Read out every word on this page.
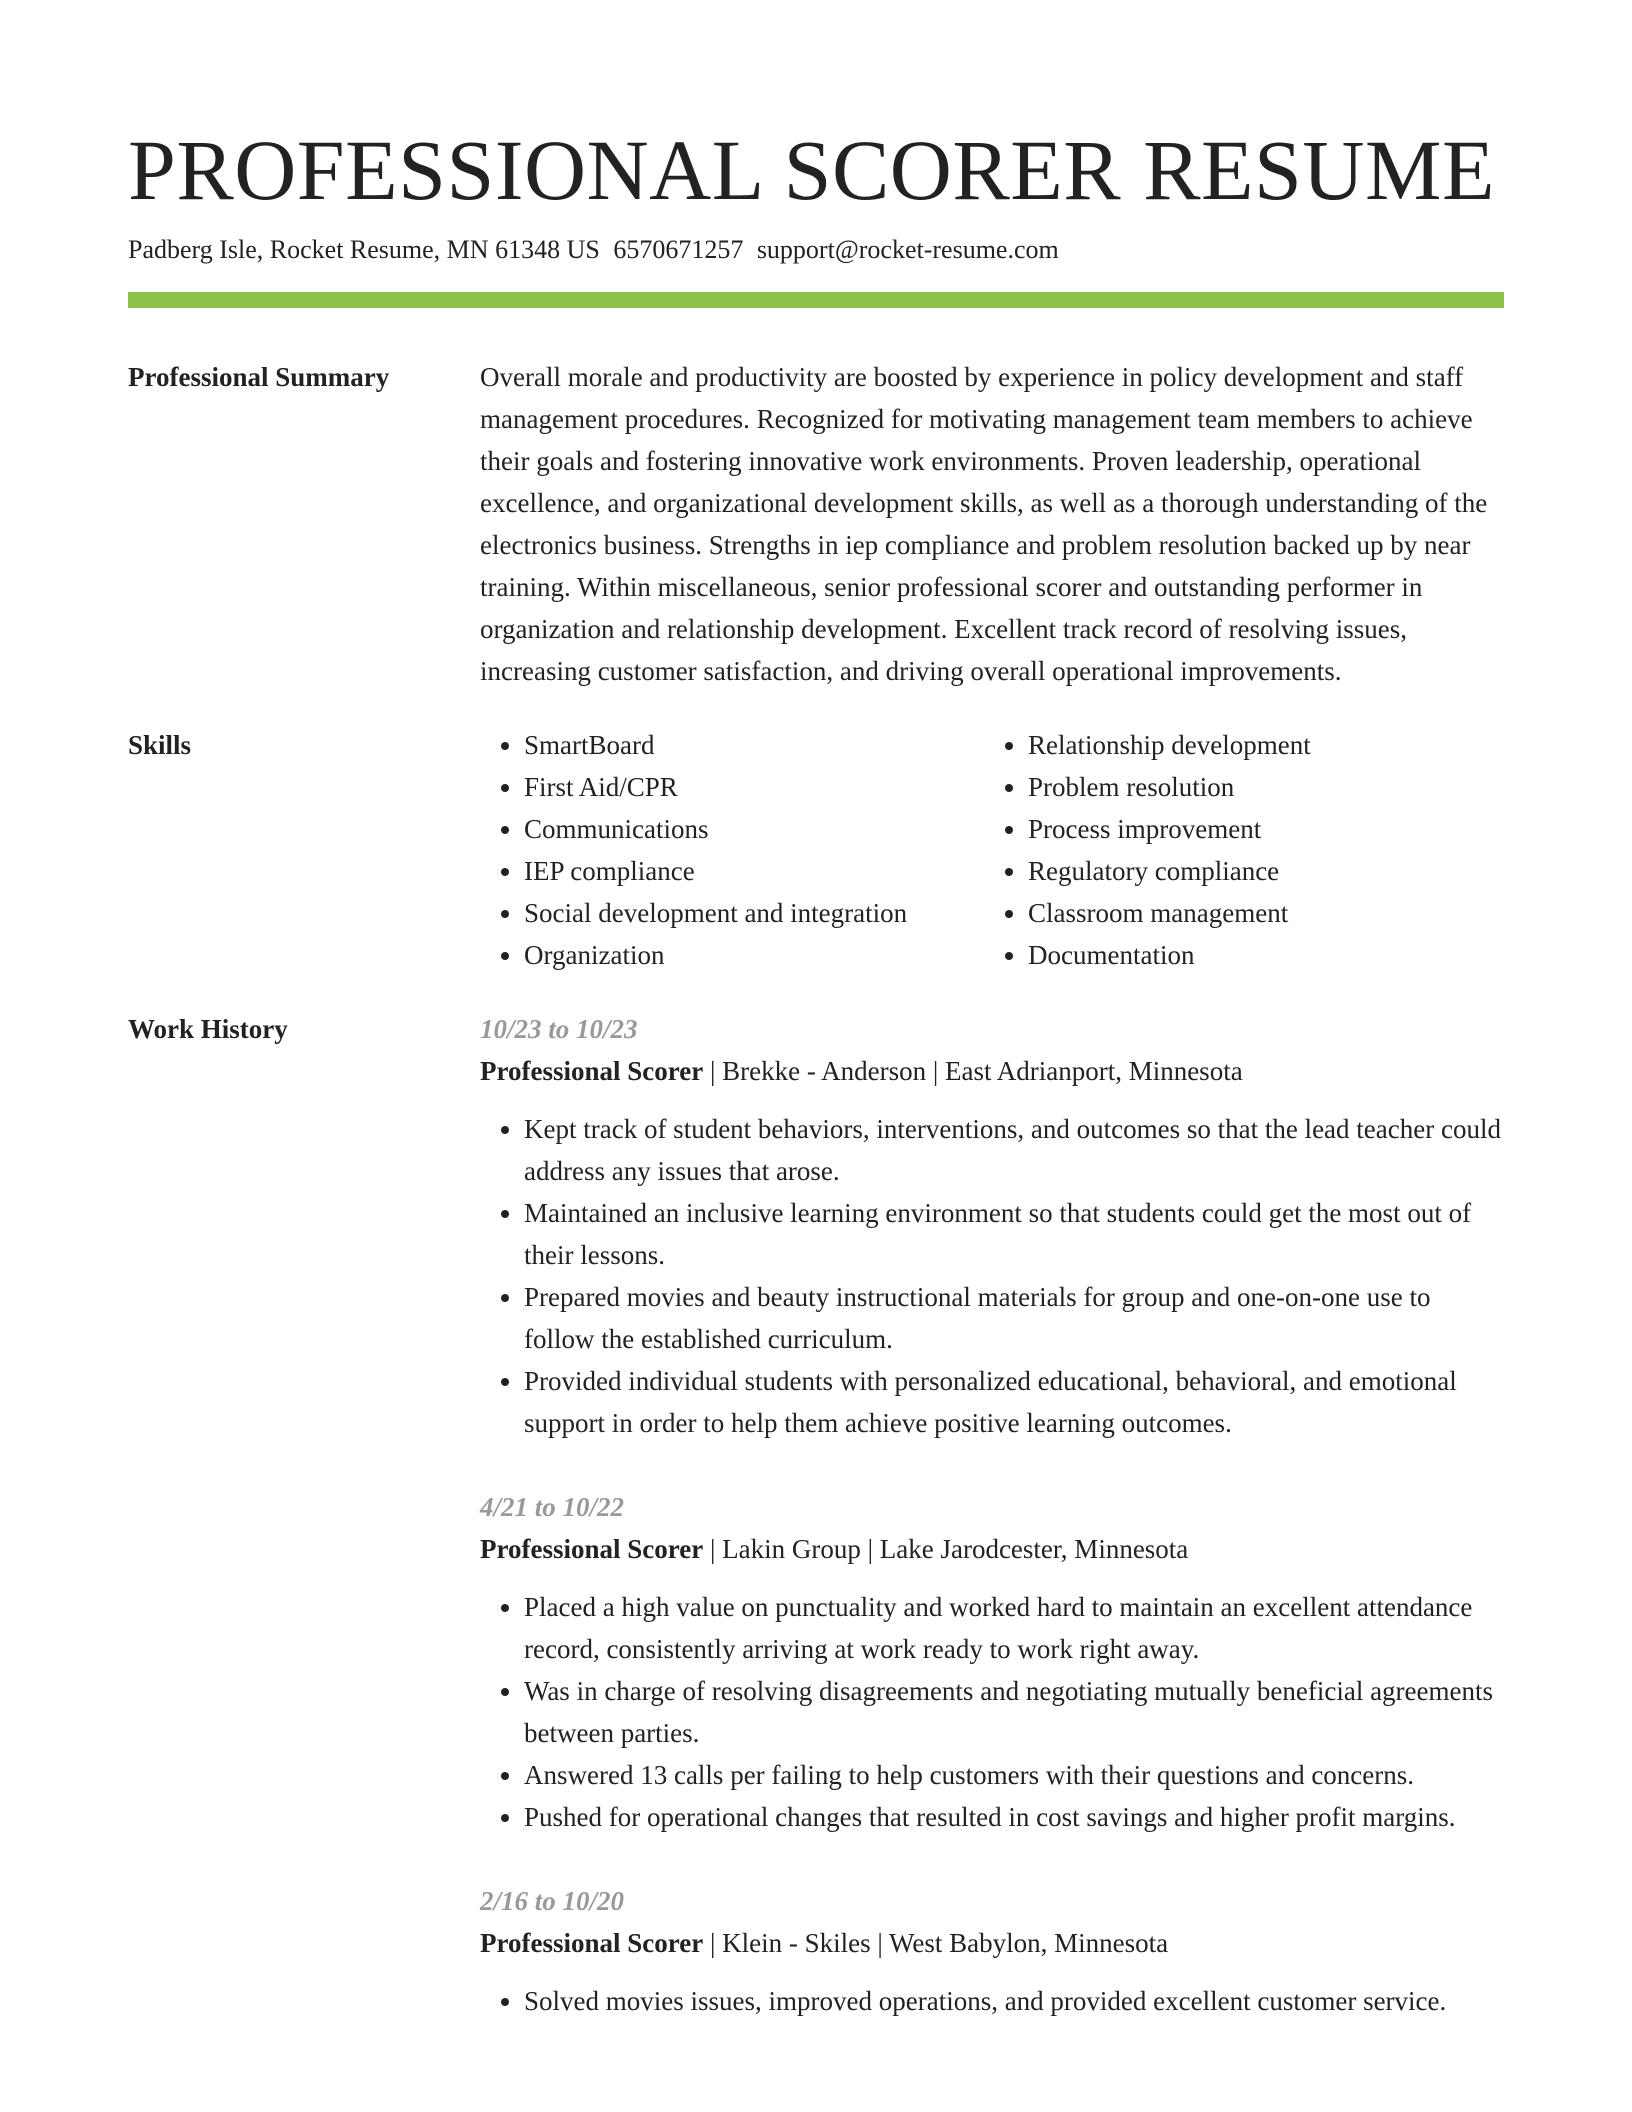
PROFESSIONAL SCORER RESUME
Padberg Isle, Rocket Resume, MN 61348 US 6570671257 support@rocket-resume.com
Professional Summary	Overall morale and productivity are boosted by experience in policy development and staff management procedures. Recognized for motivating management team members to achieve their goals and fostering innovative work environments. Proven leadership, operational excellence, and organizational development skills, as well as a thorough understanding of the electronics business. Strengths in iep compliance and problem resolution backed up by near training. Within miscellaneous, senior professional scorer and outstanding performer in organization and relationship development. Excellent track record of resolving issues, increasing customer satisfaction, and driving overall operational improvements.

Skills
•	SmartBoard
• First Aid/CPR
• Communications
• IEP compliance
• Social development and integration
• Organization
• Relationship development
• Problem resolution
• Process improvement
• Regulatory compliance
• Classroom management
• Documentation
Work History	10/23 to 10/23
Professional Scorer | Brekke - Anderson | East Adrianport, Minnesota
• Kept track of student behaviors, interventions, and outcomes so that the lead teacher could address any issues that arose.
• Maintained an inclusive learning environment so that students could get the most out of their lessons.
• Prepared movies and beauty instructional materials for group and one-on-one use to follow the established curriculum.
• Provided individual students with personalized educational, behavioral, and emotional support in order to help them achieve positive learning outcomes.
4/21 to 10/22
Professional Scorer | Lakin Group | Lake Jarodcester, Minnesota
• Placed a high value on punctuality and worked hard to maintain an excellent attendance record, consistently arriving at work ready to work right away.
• Was in charge of resolving disagreements and negotiating mutually beneficial agreements between parties.
• Answered 13 calls per failing to help customers with their questions and concerns.
• Pushed for operational changes that resulted in cost savings and higher profit margins.
2/16 to 10/20
Professional Scorer | Klein - Skiles | West Babylon, Minnesota
• Solved movies issues, improved operations, and provided excellent customer service.
